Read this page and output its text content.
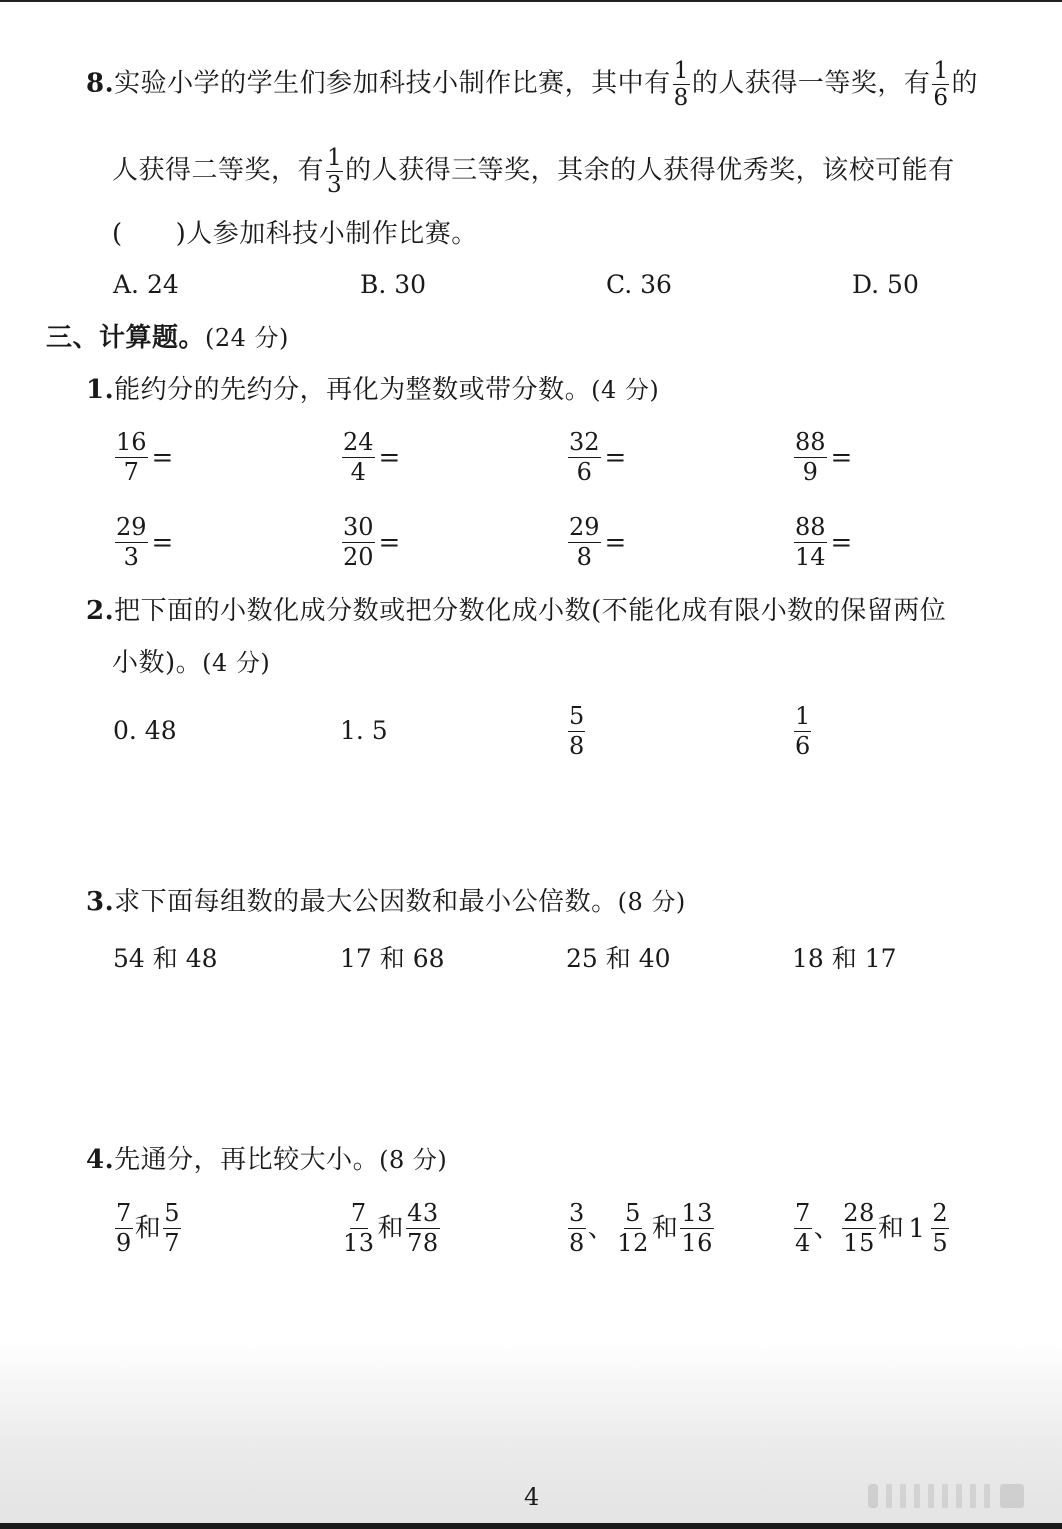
8.实验小学的学生们参加科技小制作比赛，其中有 $\frac{1}{8}$ 的人获得一等奖，有 $\frac{1}{6}$ 的
人获得二等奖，有 $\frac{1}{3}$ 的人获得三等奖，其余的人获得优秀奖，该校可能有
(　　)人参加科技小制作比赛。
A. 24	B. 30	C. 36	D. 50
三、计算题。(24 分)
1.能约分的先约分，再化为整数或带分数。(4 分)
$\frac{16}{7}$ =	$\frac{24}{4}$ =	$\frac{32}{6}$ =	$\frac{88}{9}$ =
$\frac{29}{3}$ =	$\frac{30}{20}$ =	$\frac{29}{8}$ =	$\frac{88}{14}$ =
2.把下面的小数化成分数或把分数化成小数(不能化成有限小数的保留两位
小数)。(4 分)
0. 48	1. 5	$\frac{5}{8}$	$\frac{1}{6}$
3.求下面每组数的最大公因数和最小公倍数。(8 分)
54 和 48	17 和 68	25 和 40	18 和 17
4.先通分，再比较大小。(8 分)
$\frac{7}{9}$ 和 $\frac{5}{7}$	$\frac{7}{13}$ 和 $\frac{43}{78}$	$\frac{3}{8}$ 、 $\frac{5}{12}$ 和 $\frac{13}{16}$	$\frac{7}{4}$ 、 $\frac{28}{15}$ 和 $1 \frac{2}{5}$
4
